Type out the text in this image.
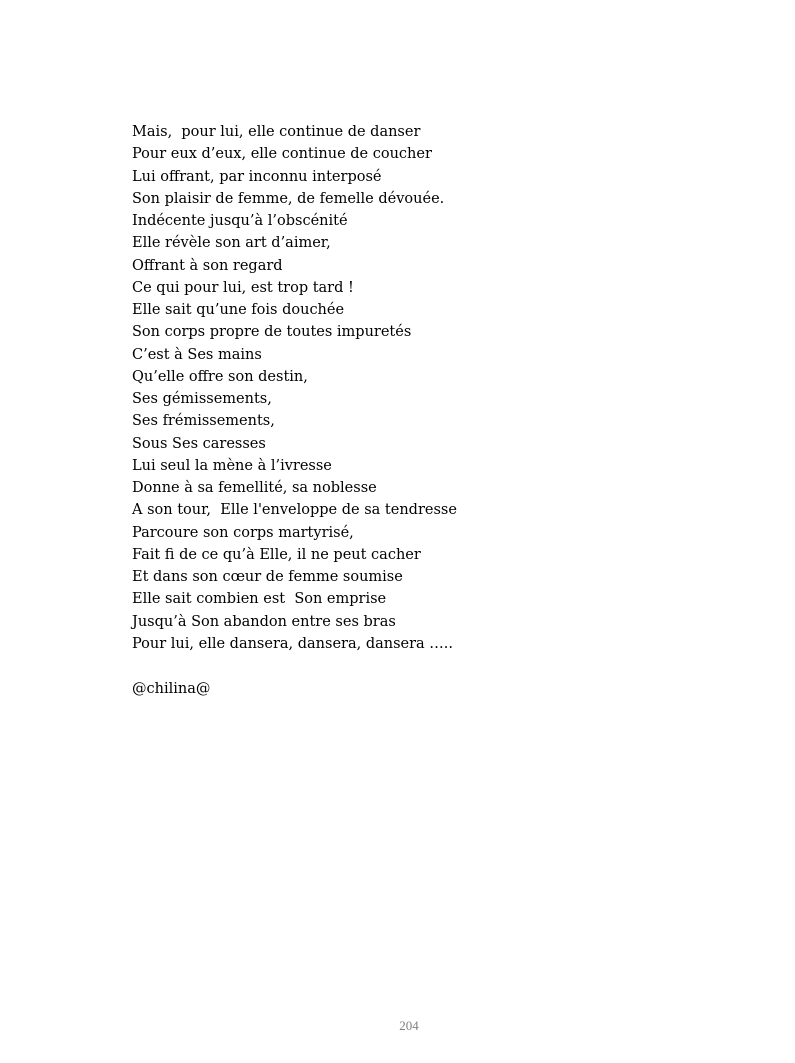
Mais,  pour lui, elle continue de danser
Pour eux d’eux, elle continue de coucher
Lui offrant, par inconnu interposé
Son plaisir de femme, de femelle dévouée.
Indécente jusqu’à l’obscénité
Elle révèle son art d’aimer,
Offrant à son regard
Ce qui pour lui, est trop tard !
Elle sait qu’une fois douchée
Son corps propre de toutes impuretés
C’est à Ses mains
Qu’elle offre son destin,
Ses gémissements,
Ses frémissements,
Sous Ses caresses
Lui seul la mène à l’ivresse
Donne à sa femellité, sa noblesse
A son tour,  Elle l'enveloppe de sa tendresse
Parcoure son corps martyrisé,
Fait fi de ce qu’à Elle, il ne peut cacher
Et dans son cœur de femme soumise
Elle sait combien est  Son emprise
Jusqu’à Son abandon entre ses bras
Pour lui, elle dansera, dansera, dansera …..
@chilina@
204
